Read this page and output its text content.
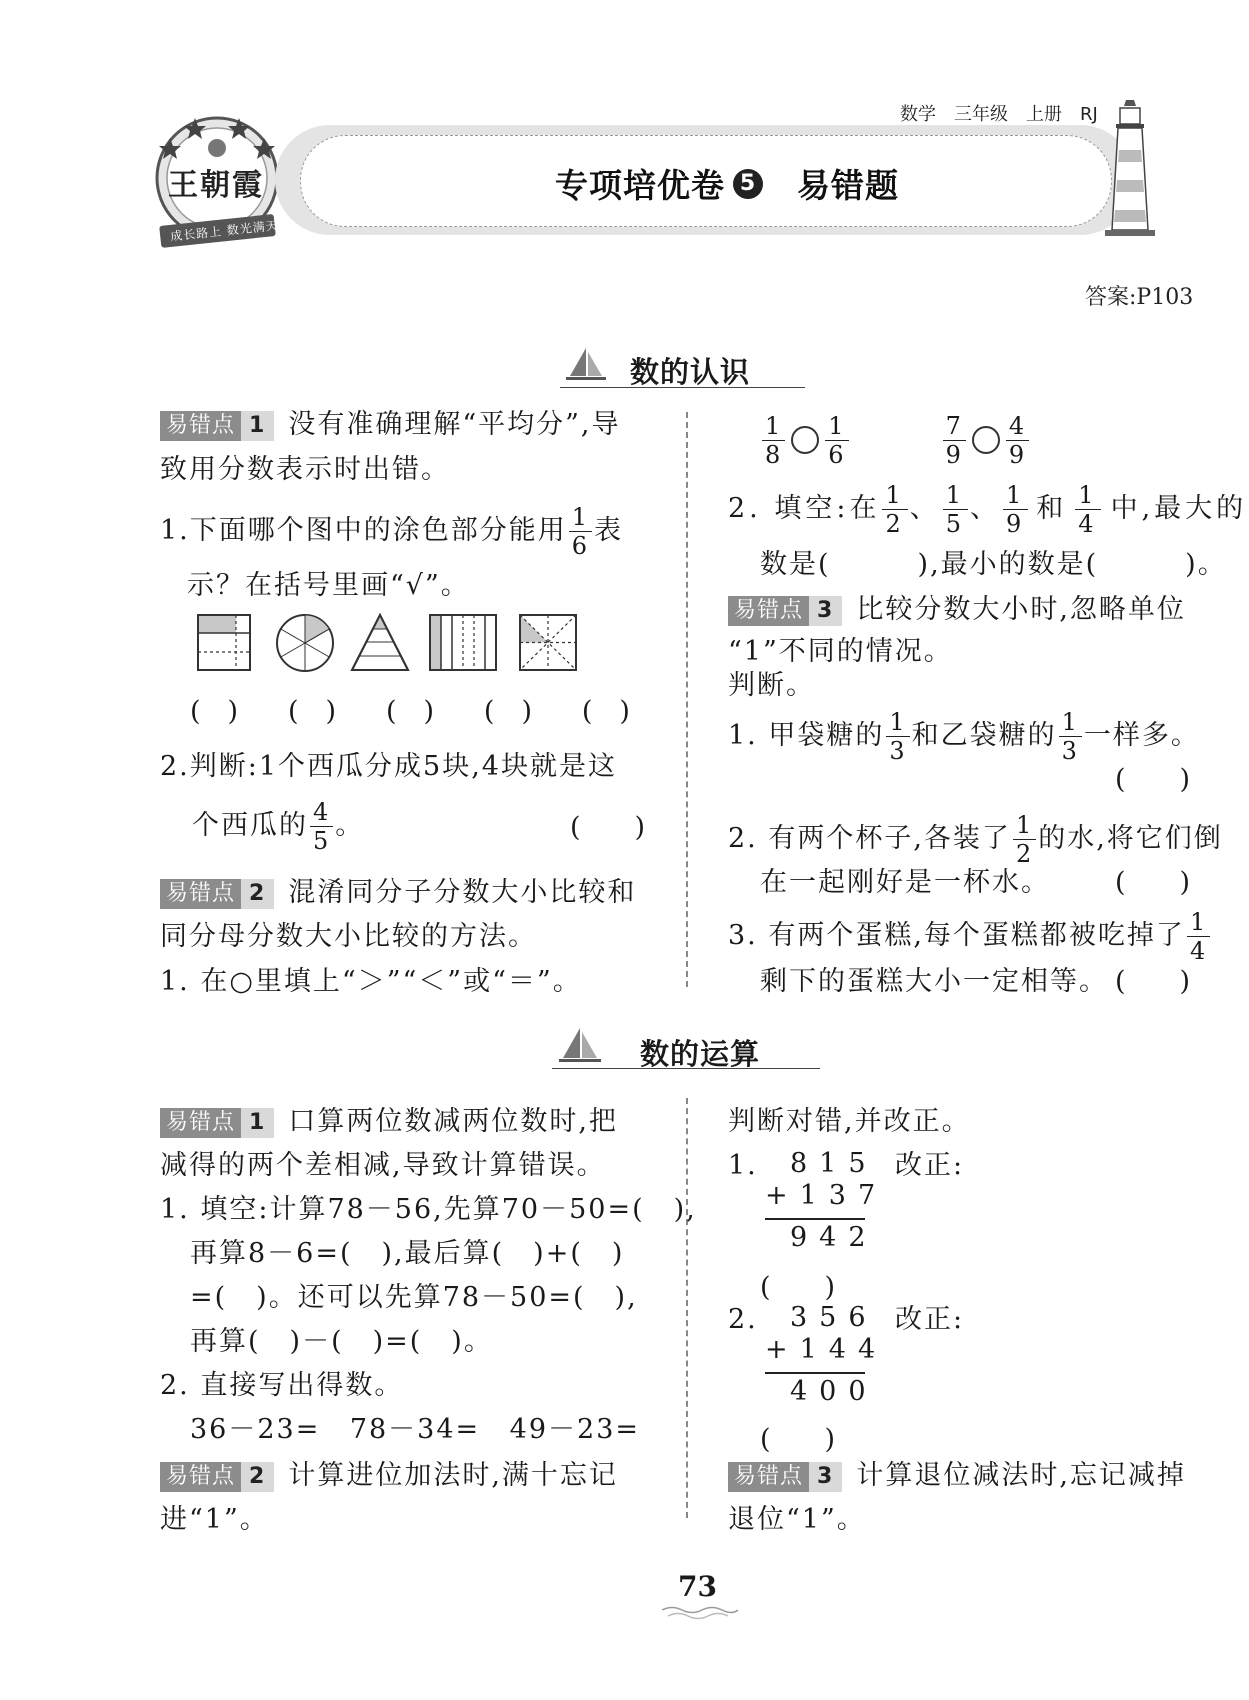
王朝霞
成长路上 数光满天
数学　三年级　上册　RJ
专项培优卷 5 易错题
答案:P103
数的认识
易错点 1 没有准确理解“平均分”,导
致用分数表示时出错。
1.下面哪个图中的涂色部分能用 $\frac{1}{6}$ 表
示？在括号里画“√”。
(　) (　) (　) (　) (　)
2.判断:1个西瓜分成5块,4块就是这
个西瓜的 $\frac{4}{5}$ 。	(　　)
易错点 2 混淆同分子分数大小比较和
同分母分数大小比较的方法。
1. 在○里填上“＞”“＜”或“＝”。
$\frac{1}{8} \frac{1}{6}$	$\frac{7}{9} \frac{4}{9}$
2. 填空:在 $\frac{1}{2}$ 、 $\frac{1}{5}$ 、 $\frac{1}{9}$ 和 $\frac{1}{4}$ 中,最大的
数是(　　　),最小的数是(　　　)。
易错点 3 比较分数大小时,忽略单位
“1”不同的情况。
判断。
1. 甲袋糖的 $\frac{1}{3}$ 和乙袋糖的 $\frac{1}{3}$ 一样多。
(　　)
2. 有两个杯子,各装了 $\frac{1}{2}$ 的水,将它们倒
在一起刚好是一杯水。 (　　)
3. 有两个蛋糕,每个蛋糕都被吃掉了 $\frac{1}{4}$
剩下的蛋糕大小一定相等。 (　　)
数的运算
易错点 1 口算两位数减两位数时,把
减得的两个差相减,导致计算错误。
1. 填空:计算78－56,先算70－50=(　),
再算8－6=(　),最后算(　)+(　)
=(　)。还可以先算78－50=(　),
再算(　)－(　)=(　)。
2. 直接写出得数。
36－23= 78－34= 49－23=
易错点 2 计算进位加法时,满十忘记
进“1”。
判断对错,并改正。
1. 815
+137
942
改正:
(　　)
2. 356
+144
400
改正:
(　　)
易错点 3 计算退位减法时,忘记减掉
退位“1”。
73
